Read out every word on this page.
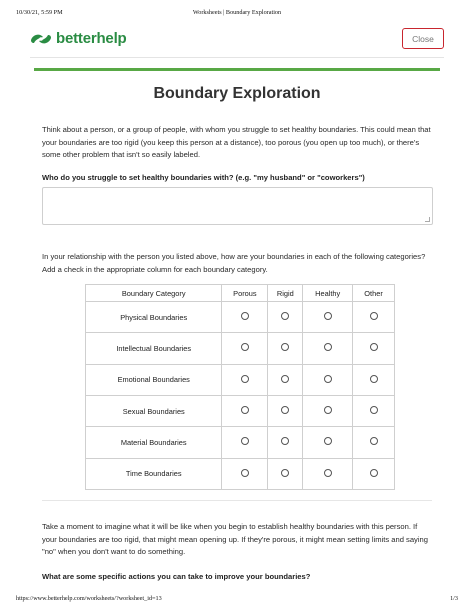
10/30/21, 5:59 PM	Worksheets | Boundary Exploration
betterhelp	Close
Boundary Exploration

Think about a person, or a group of people, with whom you struggle to set healthy boundaries. This could mean that your boundaries are too rigid (you keep this person at a distance), too porous (you open up too much), or there's some other problem that isn't so easily labeled.

Who do you struggle to set healthy boundaries with? (e.g. "my husband" or "coworkers")

In your relationship with the person you listed above, how are your boundaries in each of the following categories? Add a check in the appropriate column for each boundary category.

Boundary Category	Porous	Rigid	Healthy	Other
Physical Boundaries				
Intellectual Boundaries				
Emotional Boundaries				
Sexual Boundaries				
Material Boundaries				
Time Boundaries				

Take a moment to imagine what it will be like when you begin to establish healthy boundaries with this person. If your boundaries are too rigid, that might mean opening up. If they're porous, it might mean setting limits and saying "no" when you don't want to do something.

What are some specific actions you can take to improve your boundaries?

https://www.betterhelp.com/worksheets/?worksheet_id=13	1/3
